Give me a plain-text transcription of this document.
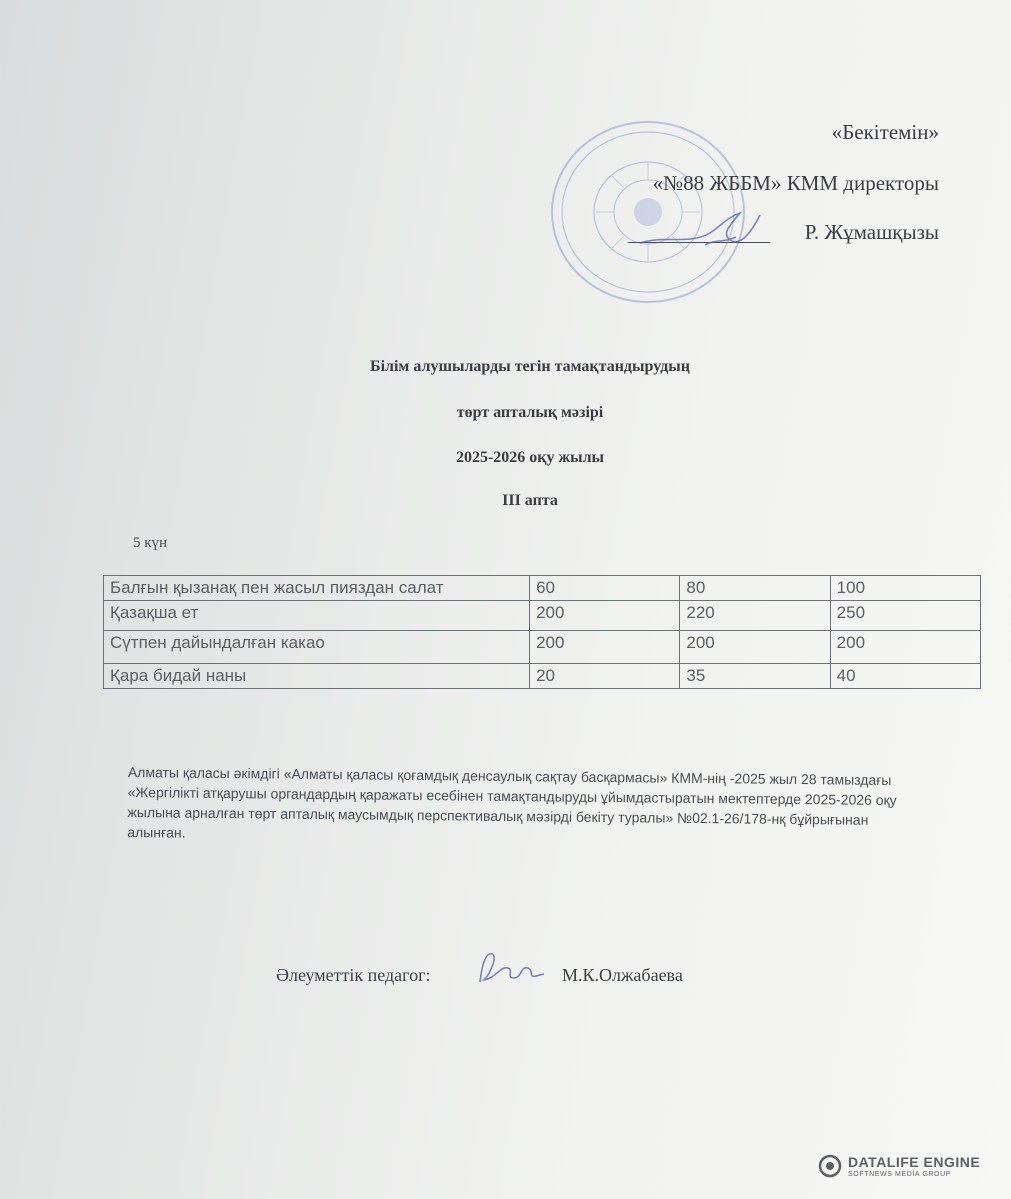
«Бекітемін»
«№88 ЖББМ» КММ директоры
Р. Жұмашқызы
Білім алушыларды тегін тамақтандырудың
төрт апталық мәзірі
2025-2026 оқу жылы
III апта
5 күн
Балғын қызанақ пен жасыл пияздан салат	60	80	100
Қазақша ет	200	220	250
Сүтпен дайындалған какао	200	200	200
Қара бидай наны	20	35	40
Алматы қаласы әкімдігі «Алматы қаласы қоғамдық денсаулық сақтау басқармасы» КММ-нің -2025 жыл 28 тамыздағы «Жергілікті атқарушы органдардың қаражаты есебінен тамақтандыруды ұйымдастыратын мектептерде 2025-2026 оқу жылына арналған төрт апталық маусымдық перспективалық мәзірді бекіту туралы» №02.1-26/178-нқ бұйрығынан алынған.
Әлеуметтік педагог:	М.К.Олжабаева
DATALIFE ENGINE
SOFTNEWS MEDIA GROUP
